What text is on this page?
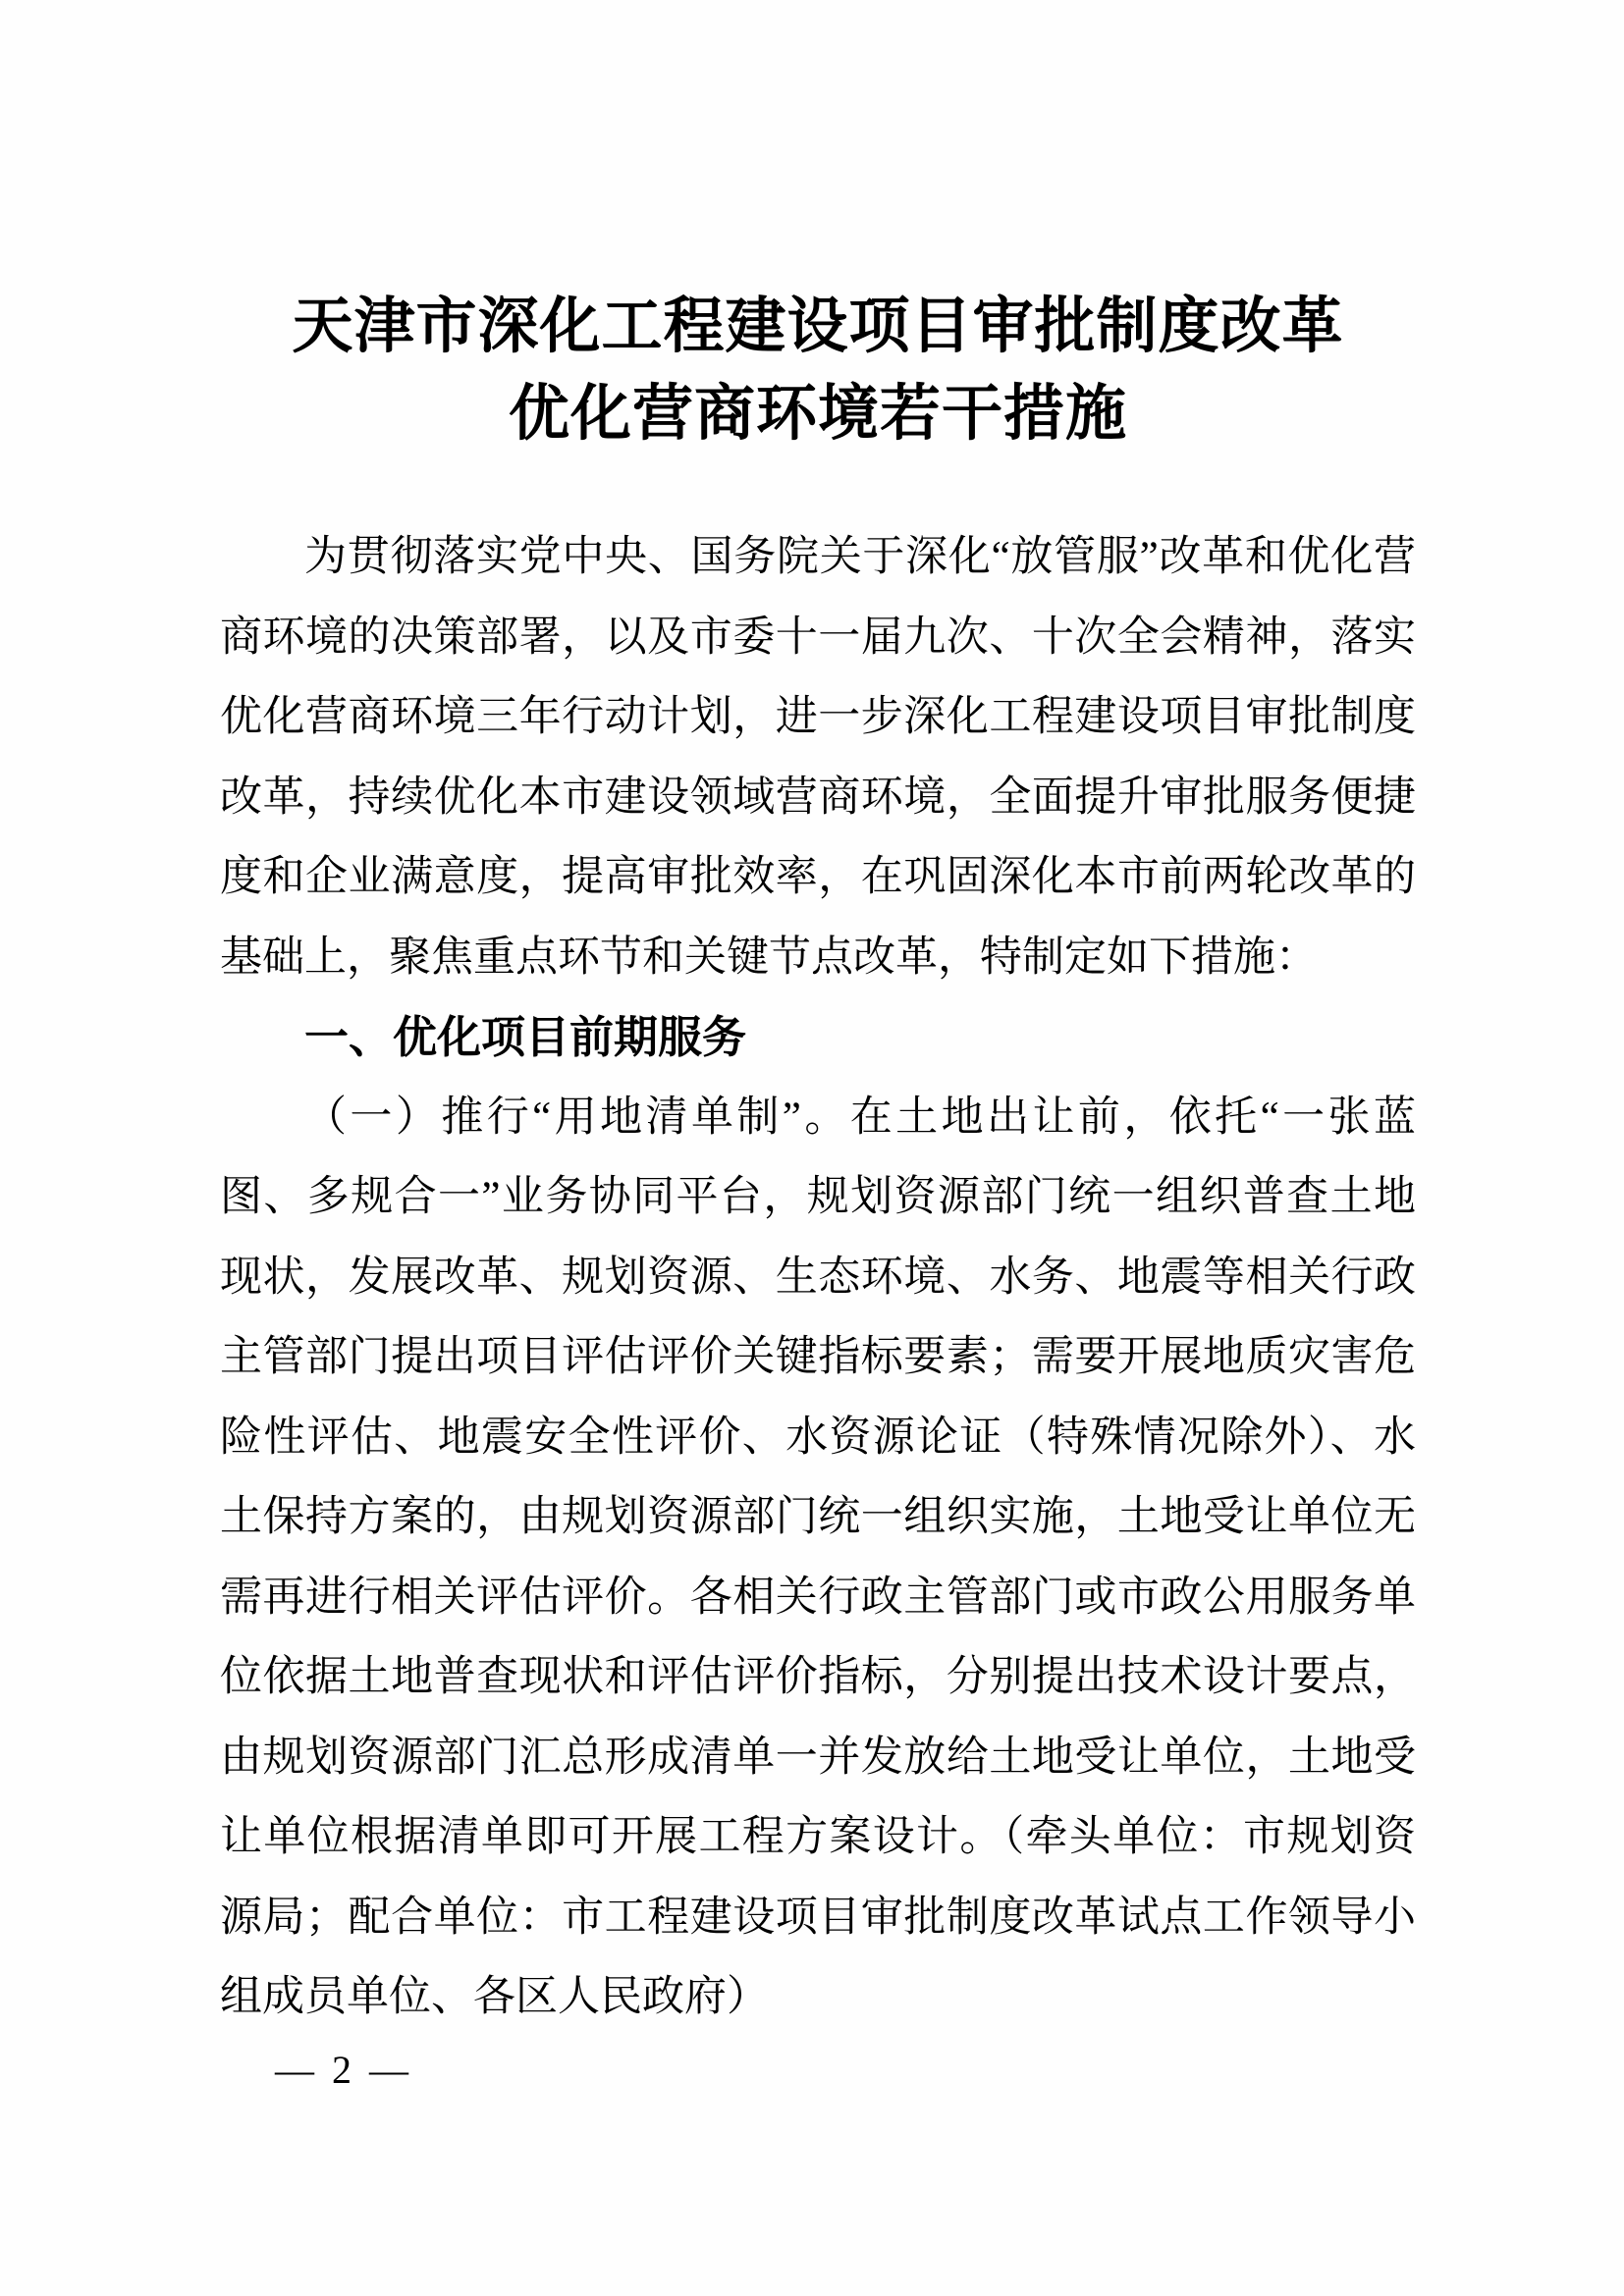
天津市深化工程建设项目审批制度改革
优化营商环境若干措施

为贯彻落实党中央、国务院关于深化“放管服”改革和优化营商环境的决策部署，以及市委十一届九次、十次全会精神，落实优化营商环境三年行动计划，进一步深化工程建设项目审批制度改革，持续优化本市建设领域营商环境，全面提升审批服务便捷度和企业满意度，提高审批效率，在巩固深化本市前两轮改革的基础上，聚焦重点环节和关键节点改革，特制定如下措施：

一、优化项目前期服务

（一）推行“用地清单制”。在土地出让前，依托“一张蓝图、多规合一”业务协同平台，规划资源部门统一组织普查土地现状，发展改革、规划资源、生态环境、水务、地震等相关行政主管部门提出项目评估评价关键指标要素；需要开展地质灾害危险性评估、地震安全性评价、水资源论证（特殊情况除外）、水土保持方案的，由规划资源部门统一组织实施，土地受让单位无需再进行相关评估评价。各相关行政主管部门或市政公用服务单位依据土地普查现状和评估评价指标，分别提出技术设计要点，由规划资源部门汇总形成清单一并发放给土地受让单位，土地受让单位根据清单即可开展工程方案设计。（牵头单位：市规划资源局；配合单位：市工程建设项目审批制度改革试点工作领导小组成员单位、各区人民政府）

— 2 —
